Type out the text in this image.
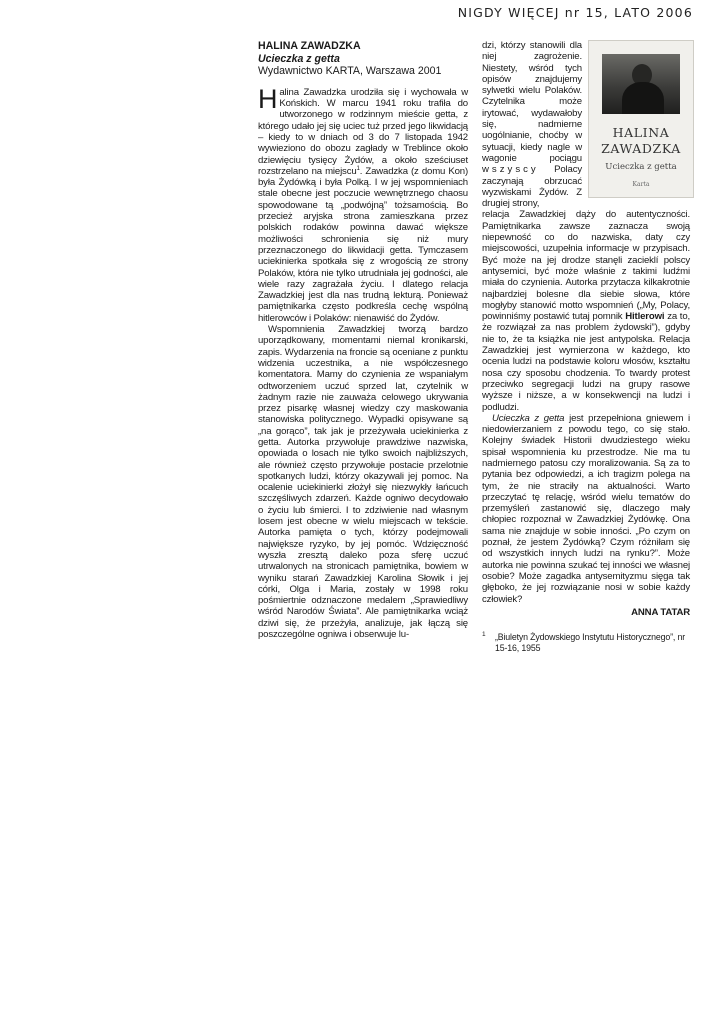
NIGDY WIĘCEJ nr 15, LATO 2006

HALINA ZAWADZKA

Ucieczka z getta

Wydawnictwo KARTA, Warszawa 2001

Halina Zawadzka urodziła się i wychowała w Końskich. W marcu 1941 roku trafiła do utworzonego w rodzinnym mieście getta, z którego udało jej się uciec tuż przed jego likwidacją – kiedy to w dniach od 3 do 7 listopada 1942 wywieziono do obozu zagłady w Treblince około dziewięciu tysięcy Żydów, a około sześciuset rozstrzelano na miejscu$^1$. Zawadzka (z domu Kon) była Żydówką i była Polką. I w jej wspomnieniach stale obecne jest poczucie wewnętrznego chaosu spowodowane tą „podwójną” tożsamością. Bo przecież aryjska strona zamieszkana przez polskich rodaków powinna dawać większe możliwości schronienia się niż mury przeznaczonego do likwidacji getta. Tymczasem uciekinierka spotkała się z wrogością ze strony Polaków, która nie tylko utrudniała jej godności, ale wiele razy zagrażała życiu. I dlatego relacja Zawadzkiej jest dla nas trudną lekturą. Ponieważ pamiętnikarka często podkreśla cechę wspólną hitlerowców i Polaków: nienawiść do Żydów.

Wspomnienia Zawadzkiej tworzą bardzo uporządkowany, momentami niemal kronikarski, zapis. Wydarzenia na froncie są oceniane z punktu widzenia uczestnika, a nie współczesnego komentatora. Mamy do czynienia ze wspaniałym odtworzeniem uczuć sprzed lat, czytelnik w żadnym razie nie zauważa celowego ukrywania przez pisarkę własnej wiedzy czy maskowania stanowiska politycznego. Wypadki opisywane są „na gorąco”, tak jak je przeżywała uciekinierka z getta. Autorka przywołuje prawdziwe nazwiska, opowiada o losach nie tylko swoich najbliższych, ale również często przywołuje postacie przelotnie spotkanych ludzi, którzy okazywali jej pomoc. Na ocalenie uciekinierki złożył się niezwykły łańcuch szczęśliwych zdarzeń. Każde ogniwo decydowało o życiu lub śmierci. I to zdziwienie nad własnym losem jest obecne w wielu miejscach w tekście. Autorka pamięta o tych, którzy podejmowali największe ryzyko, by jej pomóc. Wdzięczność wyszła zresztą daleko poza sferę uczuć utrwalonych na stronicach pamiętnika, bowiem w wyniku starań Zawadzkiej Karolina Słowik i jej córki, Olga i Maria, zostały w 1998 roku pośmiertnie odznaczone medalem „Sprawiedliwy wśród Narodów Świata”. Ale pamiętnikarka wciąż dziwi się, że przeżyła, analizuje, jak łączą się poszczególne ogniwa i obserwuje lu-

HALINA
ZAWADZKA
Ucieczka z getta
Karta

dzi, którzy stanowili dla niej zagrożenie. Niestety, wśród tych opisów znajdujemy sylwetki wielu Polaków. Czytelnika może irytować, wydawałoby się, nadmierne uogólnianie, choćby w sytuacji, kiedy nagle w wagonie pociągu wszyscy Polacy zaczynają obrzucać wyzwiskami Żydów. Z drugiej strony,

relacja Zawadzkiej dąży do autentyczności. Pamiętnikarka zawsze zaznacza swoją niepewność co do nazwiska, daty czy miejscowości, uzupełnia informacje w przypisach. Być może na jej drodze stanęli zacieklí polscy antysemici, być może właśnie z takimi ludźmi miała do czynienia. Autorka przytacza kilkakrotnie najbardziej bolesne dla siebie słowa, które mogłyby stanowić motto wspomnień („My, Polacy, powinniśmy postawić tutaj pomnik Hitlerowi za to, że rozwiązał za nas problem żydowski”), gdyby nie to, że ta książka nie jest antypolska. Relacja Zawadzkiej jest wymierzona w każdego, kto ocenia ludzi na podstawie koloru włosów, kształtu nosa czy sposobu chodzenia. To twardy protest przeciwko segregacji ludzi na grupy rasowe wyższe i niższe, a w konsekwencji na ludzi i podludzi.

Ucieczka z getta jest przepełniona gniewem i niedowierzaniem z powodu tego, co się stało. Kolejny świadek Historii dwudziestego wieku spisał wspomnienia ku przestrodze. Nie ma tu nadmiernego patosu czy moralizowania. Są za to pytania bez odpowiedzi, a ich tragizm polega na tym, że nie straciły na aktualności. Warto przeczytać tę relację, wśród wielu tematów do przemyśleń zastanowić się, dlaczego mały chłopiec rozpoznał w Zawadzkiej Żydówkę. Ona sama nie znajduje w sobie inności. „Po czym on poznał, że jestem Żydówką? Czym różniłam się od wszystkich innych ludzi na rynku?”. Może autorka nie powinna szukać tej inności we własnej osobie? Może zagadka antysemityzmu sięga tak głęboko, że jej rozwiązanie nosi w sobie każdy człowiek?

ANNA TATAR

1 „Biuletyn Żydowskiego Instytutu Historycznego”, nr 15-16, 1955
